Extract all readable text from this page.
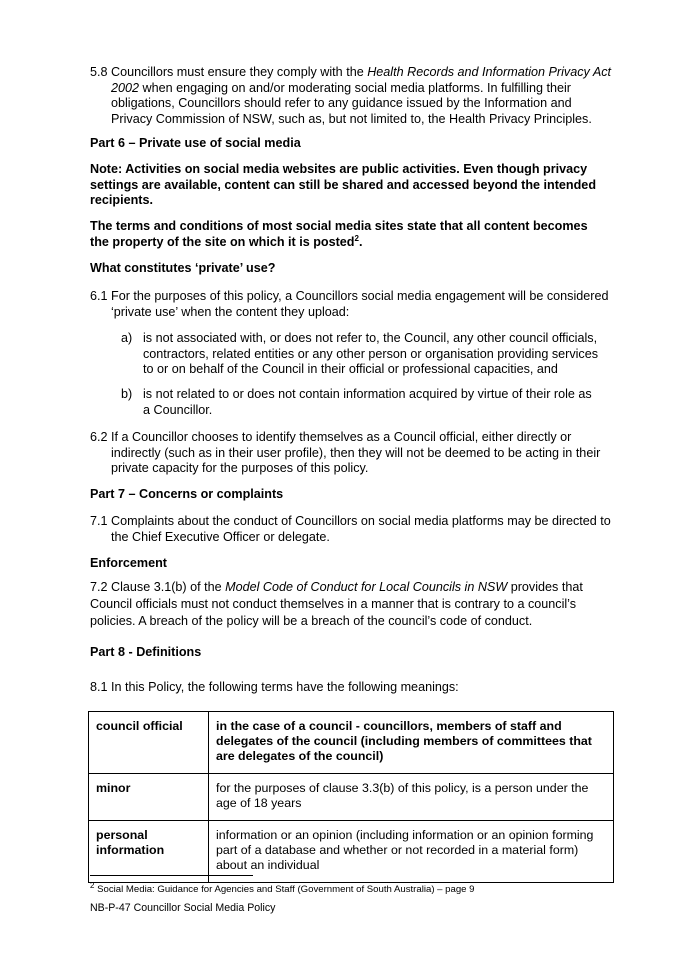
5.8 Councillors must ensure they comply with the Health Records and Information Privacy Act 2002 when engaging on and/or moderating social media platforms. In fulfilling their obligations, Councillors should refer to any guidance issued by the Information and Privacy Commission of NSW, such as, but not limited to, the Health Privacy Principles.
Part 6 – Private use of social media
Note: Activities on social media websites are public activities. Even though privacy settings are available, content can still be shared and accessed beyond the intended recipients.
The terms and conditions of most social media sites state that all content becomes the property of the site on which it is posted$^2$.
What constitutes ‘private’ use?
6.1 For the purposes of this policy, a Councillors social media engagement will be considered ‘private use’ when the content they upload:
a) is not associated with, or does not refer to, the Council, any other council officials, contractors, related entities or any other person or organisation providing services to or on behalf of the Council in their official or professional capacities, and
b) is not related to or does not contain information acquired by virtue of their role as a Councillor.
6.2 If a Councillor chooses to identify themselves as a Council official, either directly or indirectly (such as in their user profile), then they will not be deemed to be acting in their private capacity for the purposes of this policy.
Part 7 – Concerns or complaints
7.1 Complaints about the conduct of Councillors on social media platforms may be directed to the Chief Executive Officer or delegate.
Enforcement
7.2 Clause 3.1(b) of the Model Code of Conduct for Local Councils in NSW provides that Council officials must not conduct themselves in a manner that is contrary to a council’s policies. A breach of the policy will be a breach of the council’s code of conduct.
Part 8 - Definitions
8.1 In this Policy, the following terms have the following meanings:
council official	in the case of a council - councillors, members of staff and delegates of the council (including members of committees that are delegates of the council)
minor	for the purposes of clause 3.3(b) of this policy, is a person under the age of 18 years
personal information	information or an opinion (including information or an opinion forming part of a database and whether or not recorded in a material form) about an individual
$^2$ Social Media: Guidance for Agencies and Staff (Government of South Australia) – page 9
NB-P-47 Councillor Social Media Policy
